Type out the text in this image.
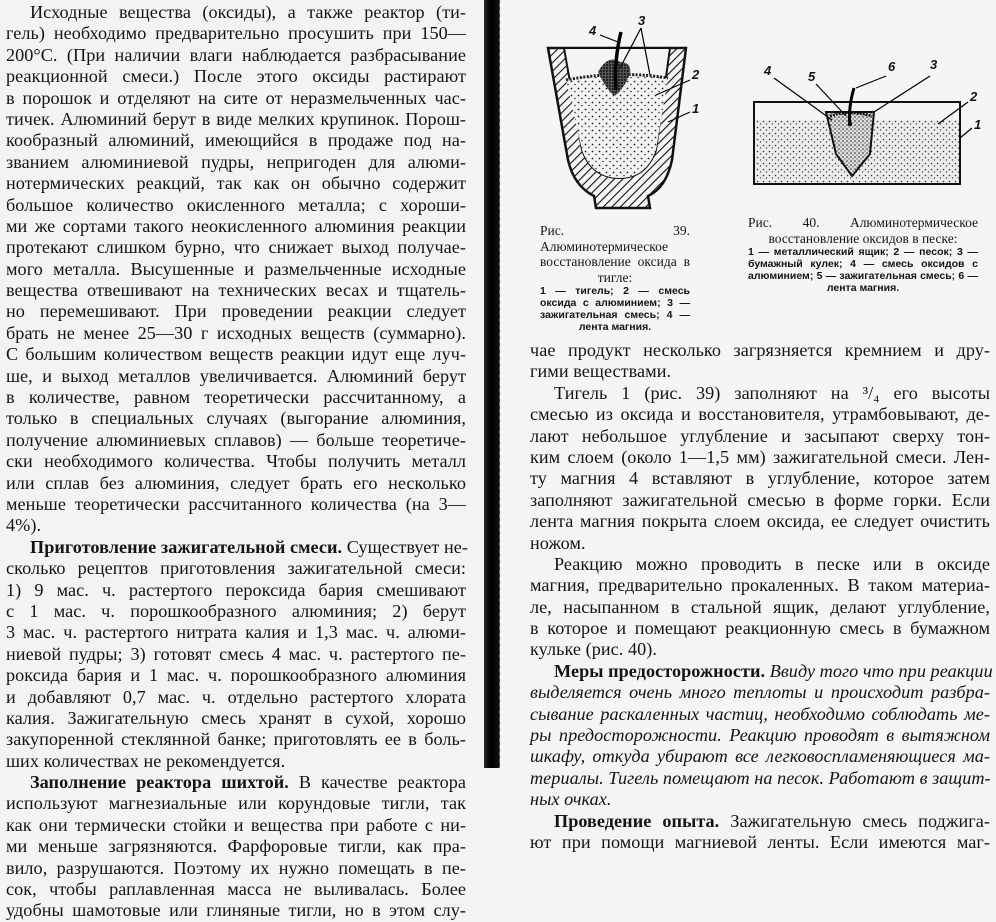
Исходные вещества (оксиды), а также реактор (ти-
гель) необходимо предварительно просушить при 150—
200°С. (При наличии влаги наблюдается разбрасывание
реакционной смеси.) После этого оксиды растирают
в порошок и отделяют на сите от неразмельченных час-
тичек. Алюминий берут в виде мелких крупинок. Порош-
кообразный алюминий, имеющийся в продаже под на-
званием алюминиевой пудры, непригоден для алюми-
нотермических реакций, так как он обычно содержит
большое количество окисленного металла; с хороши-
ми же сортами такого неокисленного алюминия реакции
протекают слишком бурно, что снижает выход получае-
мого металла. Высушенные и размельченные исходные
вещества отвешивают на технических весах и тщатель-
но перемешивают. При проведении реакции следует
брать не менее 25—30 г исходных веществ (суммарно).
С большим количеством веществ реакции идут еще луч-
ше, и выход металлов увеличивается. Алюминий берут
в количестве, равном теоретически рассчитанному, а
только в специальных случаях (выгорание алюминия,
получение алюминиевых сплавов) — больше теоретиче-
ски необходимого количества. Чтобы получить металл
или сплав без алюминия, следует брать его несколько
меньше теоретически рассчитанного количества (на 3—
4%).
Приготовление зажигательной смеси. Существует не-
сколько рецептов приготовления зажигательной смеси:
1) 9 мас. ч. растертого пероксида бария смешивают
с 1 мас. ч. порошкообразного алюминия; 2) берут
3 мас. ч. растертого нитрата калия и 1,3 мас. ч. алюми-
ниевой пудры; 3) готовят смесь 4 мас. ч. растертого пе-
роксида бария и 1 мас. ч. порошкообразного алюминия
и добавляют 0,7 мас. ч. отдельно растертого хлората
калия. Зажигательную смесь хранят в сухой, хорошо
закупоренной стеклянной банке; приготовлять ее в боль-
ших количествах не рекомендуется.
Заполнение реактора шихтой. В качестве реактора
используют магнезиальные или корундовые тигли, так
как они термически стойки и вещества при работе с ни-
ми меньше загрязняются. Фарфоровые тигли, как пра-
вило, разрушаются. Поэтому их нужно помещать в пе-
сок, чтобы раплавленная масса не выливалась. Более
удобны шамотовые или глиняные тигли, но в этом слу-
4
3
2
1
Рис. 39. Алюминотермическое восстановление оксида в тигле:
1 — тигель; 2 — смесь оксида с алюминием; 3 — зажигательная смесь; 4 — лента магния.
4	5
6	3
2
1
Рис. 40. Алюминотермическое восстановление оксидов в песке:
1 — металлический ящик; 2 — песок; 3 — бумажный кулек; 4 — смесь оксидов с алюминием; 5 — зажигательная смесь; 6 — лента магния.
чае продукт несколько загрязняется кремнием и дру-
гими веществами.
Тигель 1 (рис. 39) заполняют на ³/₄ его высоты
смесью из оксида и восстановителя, утрамбовывают, де-
лают небольшое углубление и засыпают сверху тон-
ким слоем (около 1—1,5 мм) зажигательной смеси. Лен-
ту магния 4 вставляют в углубление, которое затем
заполняют зажигательной смесью в форме горки. Если
лента магния покрыта слоем оксида, ее следует очистить
ножом.
Реакцию можно проводить в песке или в оксиде
магния, предварительно прокаленных. В таком материа-
ле, насыпанном в стальной ящик, делают углубление,
в которое и помещают реакционную смесь в бумажном
кульке (рис. 40).
Меры предосторожности. Ввиду того что при реакции
выделяется очень много теплоты и происходит разбра-
сывание раскаленных частиц, необходимо соблюдать ме-
ры предосторожности. Реакцию проводят в вытяжном
шкафу, откуда убирают все легковоспламеняющиеся ма-
териалы. Тигель помещают на песок. Работают в защит-
ных очках.
Проведение опыта. Зажигательную смесь поджига-
ют при помощи магниевой ленты. Если имеются маг-
